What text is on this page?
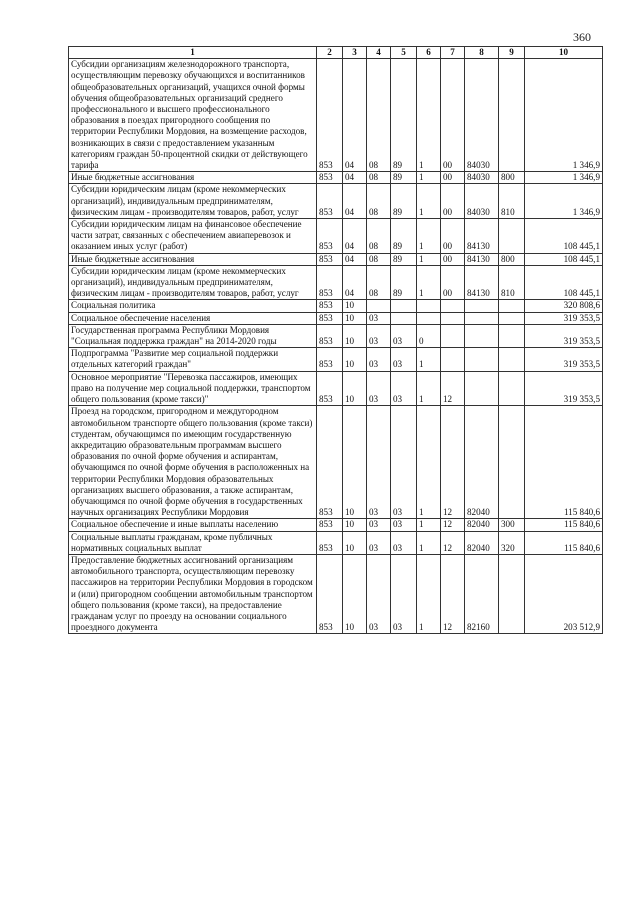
360
1	2	3	4	5	6	7	8	9	10
Субсидии организациям железнодорожного транспорта, осуществляющим перевозку обучающихся и воспитанников общеобразовательных организаций, учащихся очной формы обучения общеобразовательных организаций среднего профессионального и высшего профессионального образования в поездах пригородного сообщения по территории Республики Мордовия, на возмещение расходов, возникающих в связи с предоставлением указанным категориям граждан 50-процентной скидки от действующего тарифа	853	04	08	89	1	00	84030		1 346,9
Иные бюджетные ассигнования	853	04	08	89	1	00	84030	800	1 346,9
Субсидии юридическим лицам (кроме некоммерческих организаций), индивидуальным предпринимателям, физическим лицам - производителям товаров, работ, услуг	853	04	08	89	1	00	84030	810	1 346,9
Субсидии юридическим лицам на финансовое обеспечение части затрат, связанных с обеспечением авиаперевозок и оказанием иных услуг (работ)	853	04	08	89	1	00	84130		108 445,1
Иные бюджетные ассигнования	853	04	08	89	1	00	84130	800	108 445,1
Субсидии юридическим лицам (кроме некоммерческих организаций), индивидуальным предпринимателям, физическим лицам - производителям товаров, работ, услуг	853	04	08	89	1	00	84130	810	108 445,1
Социальная политика	853	10							320 808,6
Социальное обеспечение населения	853	10	03						319 353,5
Государственная программа Республики Мордовия "Социальная поддержка граждан" на 2014-2020 годы	853	10	03	03	0				319 353,5
Подпрограмма "Развитие мер социальной поддержки отдельных категорий граждан"	853	10	03	03	1				319 353,5
Основное мероприятие "Перевозка пассажиров, имеющих право на получение мер социальной поддержки, транспортом общего пользования (кроме такси)"	853	10	03	03	1	12			319 353,5
Проезд на городском, пригородном и междугородном автомобильном транспорте общего пользования (кроме такси) студентам, обучающимся по имеющим государственную аккредитацию образовательным программам высшего образования по очной форме обучения и аспирантам, обучающимся по очной форме обучения в расположенных на территории Республики Мордовия образовательных организациях высшего образования, а также аспирантам, обучающимся по очной форме обучения в государственных научных организациях Республики Мордовия	853	10	03	03	1	12	82040		115 840,6
Социальное обеспечение и иные выплаты населению	853	10	03	03	1	12	82040	300	115 840,6
Социальные выплаты гражданам, кроме публичных нормативных социальных выплат	853	10	03	03	1	12	82040	320	115 840,6
Предоставление бюджетных ассигнований организациям автомобильного транспорта, осуществляющим перевозку пассажиров на территории Республики Мордовия в городском и (или) пригородном сообщении автомобильным транспортом общего пользования (кроме такси), на предоставление гражданам услуг по проезду на основании социального проездного документа	853	10	03	03	1	12	82160		203 512,9
